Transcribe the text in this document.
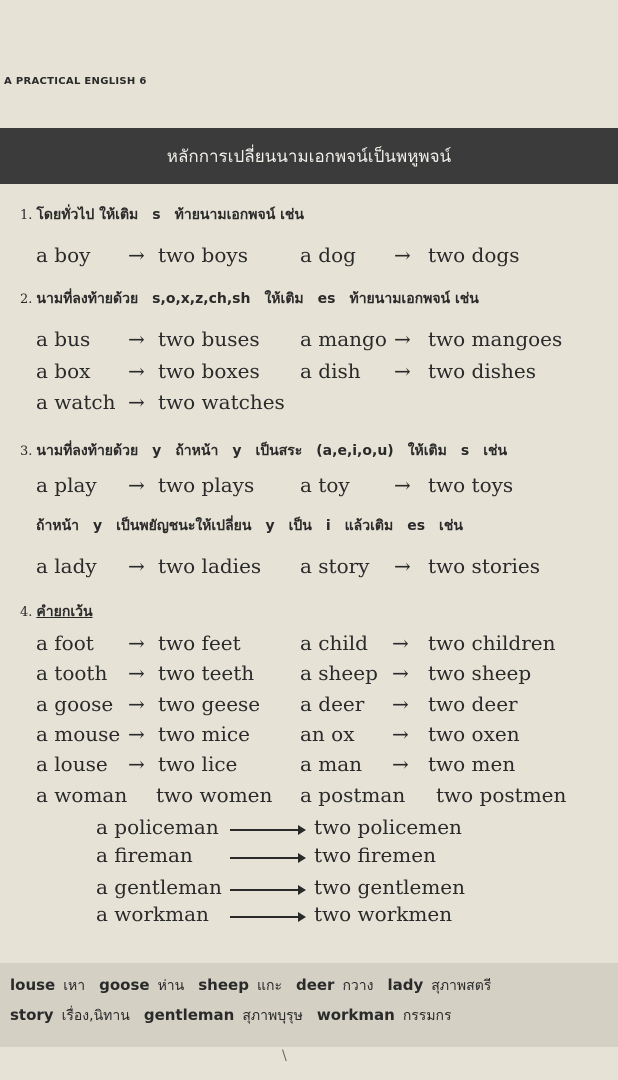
A PRACTICAL ENGLISH 6
หลักการเปลี่ยนนามเอกพจน์เป็นพหูพจน์
1. โดยทั่วไป ให้เติม s ท้ายนามเอกพจน์ เช่น
2. นามที่ลงท้ายด้วย s,o,x,z,ch,sh ให้เติม es ท้ายนามเอกพจน์ เช่น
3. นามที่ลงท้ายด้วย y ถ้าหน้า y เป็นสระ (a,e,i,o,u) ให้เติม s เช่น
ถ้าหน้า y เป็นพยัญชนะให้เปลี่ยน y เป็น i แล้วเติม es เช่น
4. คำยกเว้น
a boy → two boys	a dog → two dogs
a bus → two buses a mango → two mangoes
a box → two boxes a dish → two dishes
a watch → two watches
a play → two plays a toy → two toys
a lady → two ladies a story → two stories
a foot → two feet	a child → two children
a tooth → two teeth a sheep → two sheep
a goose → two geese a deer → two deer
a mouse → two mice	an ox → two oxen
a louse → two lice	a man → two men
a woman two women a postman two postmen
a policeman	two policemen
a fireman	two firemen
a gentleman	two gentlemen
a workman	two workmen
louse เหา goose ห่าน sheep แกะ deer กวาง lady สุภาพสตรี
story เรื่อง,นิทาน gentleman สุภาพบุรุษ workman กรรมกร
\
